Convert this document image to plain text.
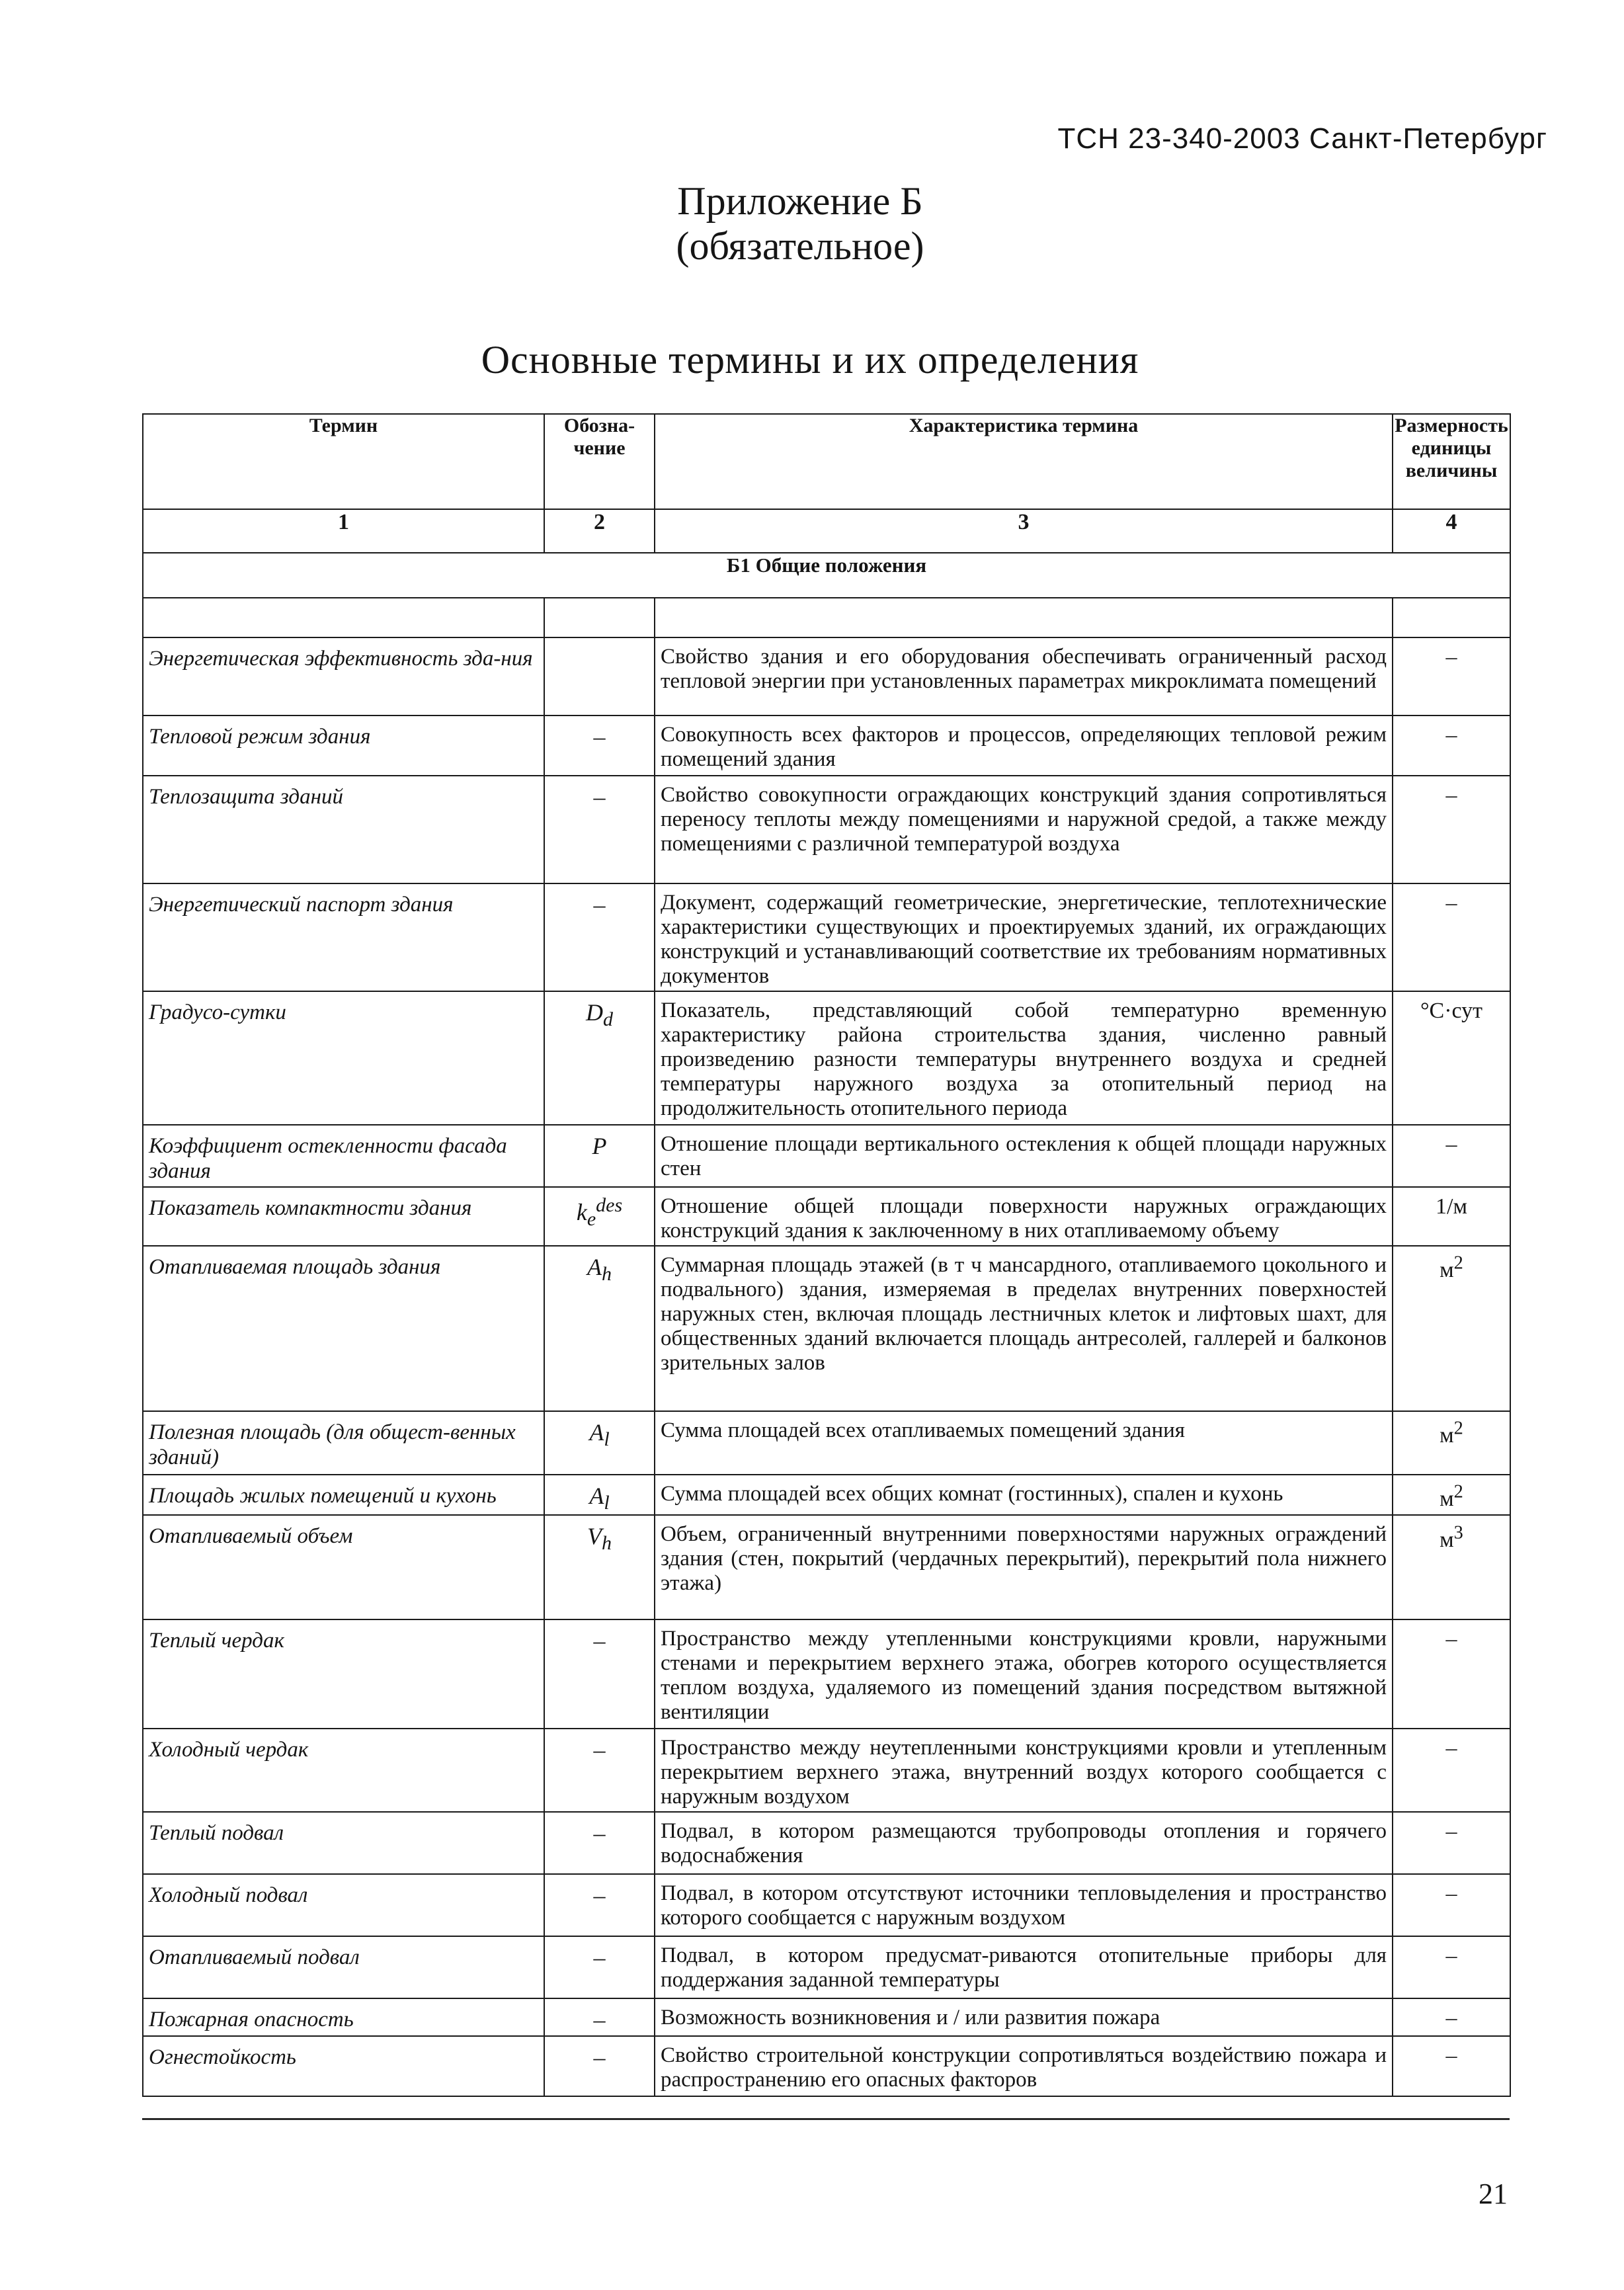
ТСН 23-340-2003 Санкт-Петербург
Приложение Б
(обязательное)
Основные термины и их определения
Термин	Обозна-чение	Характеристика термина	Размерность единицы величины
1	2	3	4
Б1 Общие положения			

Энергетическая эффективность зда-ния		Свойство здания и его оборудования обеспечивать ограниченный расход тепловой энергии при установленных параметрах микроклимата помещений	–
Тепловой режим здания	–	Совокупность всех факторов и процессов, определяющих тепловой режим помещений здания	–
Теплозащита зданий	–	Свойство совокупности ограждающих конструкций здания сопротивляться переносу теплоты между помещениями и наружной средой, а также между помещениями с различной температурой воздуха	–
Энергетический паспорт здания	–	Документ, содержащий геометрические, энергетические, теплотехнические характеристики существующих и проектируемых зданий, их ограждающих конструкций и устанавливающий соответствие их требованиям нормативных документов	–
Градусо-сутки	$D_d$	Показатель, представляющий собой температурно временную характеристику района строительства здания, численно равный произведению разности температуры внутреннего воздуха и средней температуры наружного воздуха за отопительный период на продолжительность отопительного периода	°С·сут
Коэффициент остекленности фасада здания	P	Отношение площади вертикального остекления к общей площади наружных стен	–
Показатель компактности здания	$k_e^{des}$	Отношение общей площади поверхности наружных ограждающих конструкций здания к заключенному в них отапливаемому объему	1/м
Отапливаемая площадь здания	$A_h$	Суммарная площадь этажей (в т ч мансардного, отапливаемого цокольного и подвального) здания, измеряемая в пределах внутренних поверхностей наружных стен, включая площадь лестничных клеток и лифтовых шахт, для общественных зданий включается площадь антресолей, галлерей и балконов зрительных залов	$м^2$
Полезная площадь (для общест-венных зданий)	$A_l$	Сумма площадей всех отапливаемых помещений здания	$м^2$
Площадь жилых помещений и кухонь	$A_l$	Сумма площадей всех общих комнат (гостинных), спален и кухонь	$м^2$
Отапливаемый объем	$V_h$	Объем, ограниченный внутренними поверхностями наружных ограждений здания (стен, покрытий (чердачных перекрытий), перекрытий пола нижнего этажа)	$м^3$
Теплый чердак	–	Пространство между утепленными конструкциями кровли, наружными стенами и перекрытием верхнего этажа, обогрев которого осуществляется теплом воздуха, удаляемого из помещений здания посредством вытяжной вентиляции	–
Холодный чердак	–	Пространство между неутепленными конструкциями кровли и утепленным перекрытием верхнего этажа, внутренний воздух которого сообщается с наружным воздухом	–
Теплый подвал	–	Подвал, в котором размещаются трубопроводы отопления и горячего водоснабжения	–
Холодный подвал	–	Подвал, в котором отсутствуют источники тепловыделения и пространство которого сообщается с наружным воздухом	–
Отапливаемый подвал	–	Подвал, в котором предусмат-риваются отопительные приборы для поддержания заданной температуры	–
Пожарная опасность	–	Возможность возникновения и / или развития пожара	–
Огнестойкость	–	Свойство строительной конструкции сопротивляться воздействию пожара и распространению его опасных факторов	–
21
